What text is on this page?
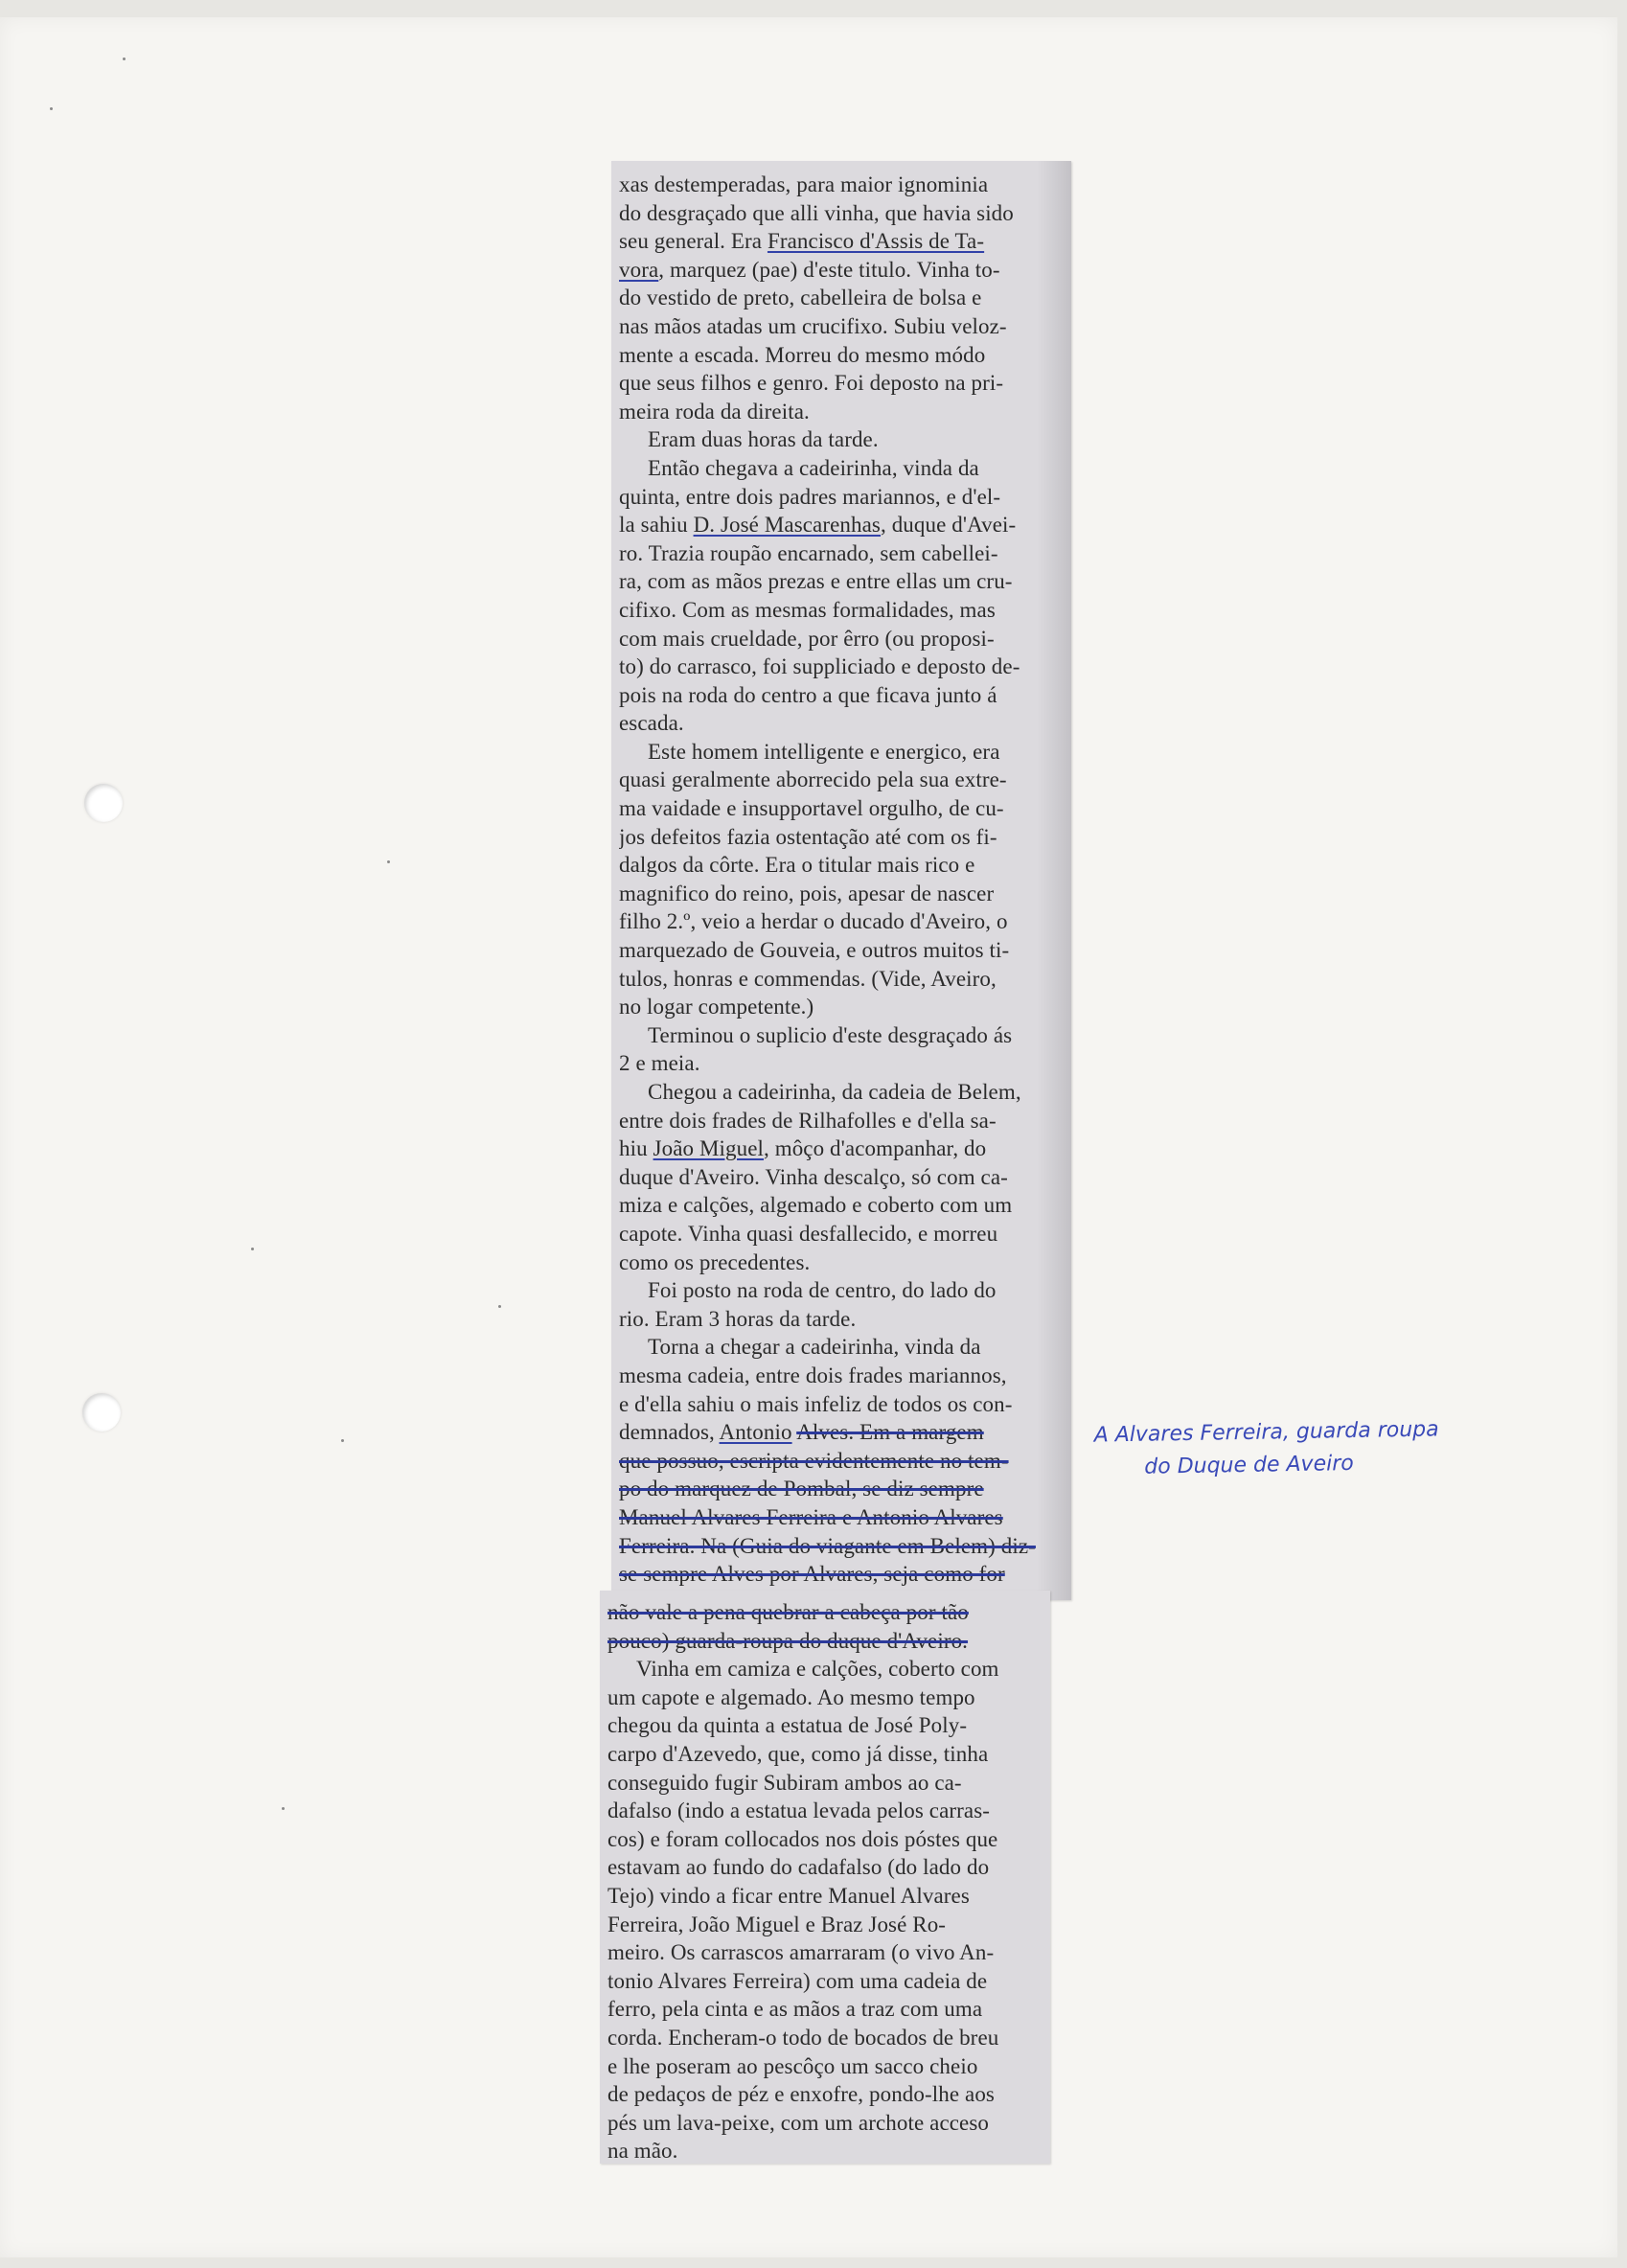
xas destemperadas, para maior ignominia
do desgraçado que alli vinha, que havia sido
seu general. Era Francisco d'Assis de Ta-
vora, marquez (pae) d'este titulo. Vinha to-
do vestido de preto, cabelleira de bolsa e
nas mãos atadas um crucifixo. Subiu veloz-
mente a escada. Morreu do mesmo módo
que seus filhos e genro. Foi deposto na pri-
meira roda da direita.
Eram duas horas da tarde.
Então chegava a cadeirinha, vinda da
quinta, entre dois padres mariannos, e d'el-
la sahiu D. José Mascarenhas, duque d'Avei-
ro. Trazia roupão encarnado, sem cabellei-
ra, com as mãos prezas e entre ellas um cru-
cifixo. Com as mesmas formalidades, mas
com mais crueldade, por êrro (ou proposi-
to) do carrasco, foi suppliciado e deposto de-
pois na roda do centro a que ficava junto á
escada.
Este homem intelligente e energico, era
quasi geralmente aborrecido pela sua extre-
ma vaidade e insupportavel orgulho, de cu-
jos defeitos fazia ostentação até com os fi-
dalgos da côrte. Era o titular mais rico e
magnifico do reino, pois, apesar de nascer
filho 2.º, veio a herdar o ducado d'Aveiro, o
marquezado de Gouveia, e outros muitos ti-
tulos, honras e commendas. (Vide, Aveiro,
no logar competente.)
Terminou o suplicio d'este desgraçado ás
2 e meia.
Chegou a cadeirinha, da cadeia de Belem,
entre dois frades de Rilhafolles e d'ella sa-
hiu João Miguel, môço d'acompanhar, do
duque d'Aveiro. Vinha descalço, só com ca-
miza e calções, algemado e coberto com um
capote. Vinha quasi desfallecido, e morreu
como os precedentes.
Foi posto na roda de centro, do lado do
rio. Eram 3 horas da tarde.
Torna a chegar a cadeirinha, vinda da
mesma cadeia, entre dois frades mariannos,
e d'ella sahiu o mais infeliz de todos os con-
demnados, Antonio Alves. Em a margem
que possuo, escripta evidentemente no tem-
po do marquez de Pombal, se diz sempre
Manuel Alvares Ferreira e Antonio Alvares
Ferreira. Na (Guia do viagante em Belem) diz-
se sempre Alves por Alvares, seja como for
não vale a pena quebrar a cabeça por tão
pouco) guarda-roupa do duque d'Aveiro.
Vinha em camiza e calções, coberto com
um capote e algemado. Ao mesmo tempo
chegou da quinta a estatua de José Poly-
carpo d'Azevedo, que, como já disse, tinha
conseguido fugir Subiram ambos ao ca-
dafalso (indo a estatua levada pelos carras-
cos) e foram collocados nos dois póstes que
estavam ao fundo do cadafalso (do lado do
Tejo) vindo a ficar entre Manuel Alvares
Ferreira, João Miguel e Braz José Ro-
meiro. Os carrascos amarraram (o vivo An-
tonio Alvares Ferreira) com uma cadeia de
ferro, pela cinta e as mãos a traz com uma
corda. Encheram-o todo de bocados de breu
e lhe poseram ao pescôço um sacco cheio
de pedaços de péz e enxofre, pondo-lhe aos
pés um lava-peixe, com um archote acceso
na mão.
A Alvares Ferreira, guarda roupa
do Duque de Aveiro
